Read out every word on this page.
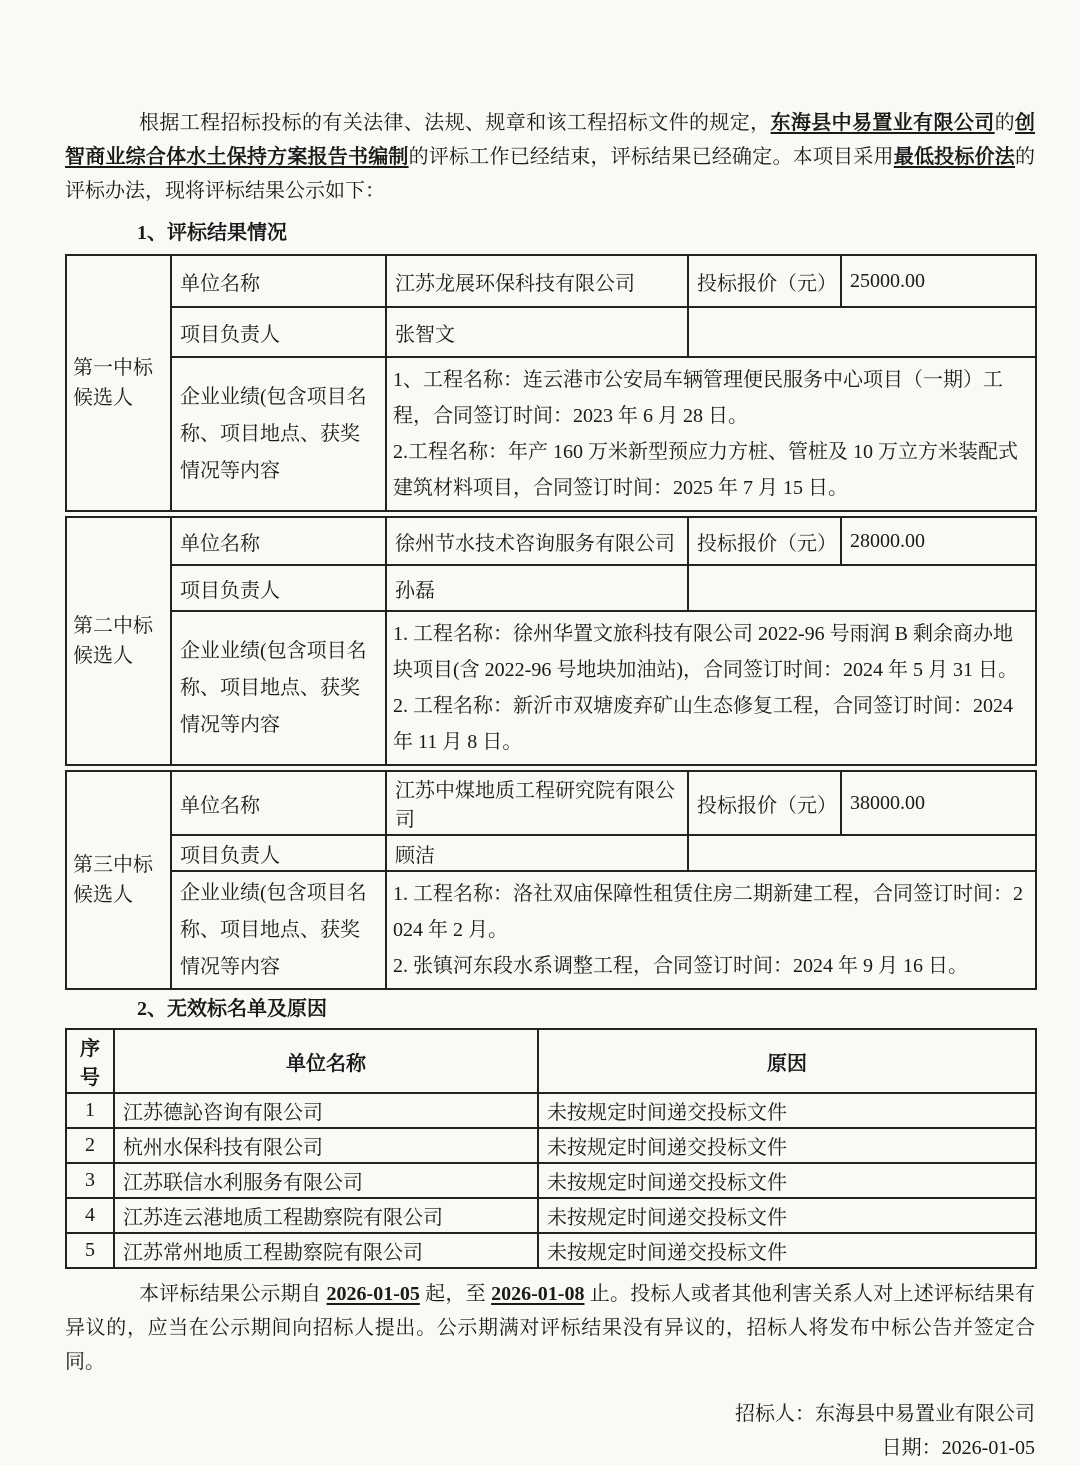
根据工程招标投标的有关法律、法规、规章和该工程招标文件的规定，东海县中易置业有限公司的创智商业综合体水土保持方案报告书编制的评标工作已经结束，评标结果已经确定。本项目采用最低投标价法的评标办法，现将评标结果公示如下：

1、评标结果情况
第一中标候选人	单位名称	江苏龙展环保科技有限公司	投标报价（元）	25000.00
	项目负责人	张智文		
	企业业绩(包含项目名称、项目地点、获奖情况等内容	1、工程名称：连云港市公安局车辆管理便民服务中心项目（一期）工程，合同签订时间：2023 年 6 月 28 日。
2.工程名称：年产 160 万米新型预应力方桩、管桩及 10 万立方米装配式建筑材料项目，合同签订时间：2025 年 7 月 15 日。		
第二中标候选人	单位名称	徐州节水技术咨询服务有限公司	投标报价（元）	28000.00
	项目负责人	孙磊		
	企业业绩(包含项目名称、项目地点、获奖情况等内容	1. 工程名称：徐州华置文旅科技有限公司 2022-96 号雨润 B 剩余商办地块项目(含 2022-96 号地块加油站)，合同签订时间：2024 年 5 月 31 日。
2. 工程名称：新沂市双塘废弃矿山生态修复工程，合同签订时间：2024 年 11 月 8 日。		
第三中标候选人	单位名称	江苏中煤地质工程研究院有限公司	投标报价（元）	38000.00
	项目负责人	顾洁		
	企业业绩(包含项目名称、项目地点、获奖情况等内容	1. 工程名称：洛社双庙保障性租赁住房二期新建工程，合同签订时间：2024 年 2 月。
2. 张镇河东段水系调整工程，合同签订时间：2024 年 9 月 16 日。		
2、无效标名单及原因
序号	单位名称	原因
1	江苏德訫咨询有限公司	未按规定时间递交投标文件
2	杭州水保科技有限公司	未按规定时间递交投标文件
3	江苏联信水利服务有限公司	未按规定时间递交投标文件
4	江苏连云港地质工程勘察院有限公司	未按规定时间递交投标文件
5	江苏常州地质工程勘察院有限公司	未按规定时间递交投标文件

本评标结果公示期自 2026-01-05 起，至 2026-01-08 止。投标人或者其他利害关系人对上述评标结果有异议的，应当在公示期间向招标人提出。公示期满对评标结果没有异议的，招标人将发布中标公告并签定合同。

招标人：东海县中易置业有限公司
日期：2026-01-05
